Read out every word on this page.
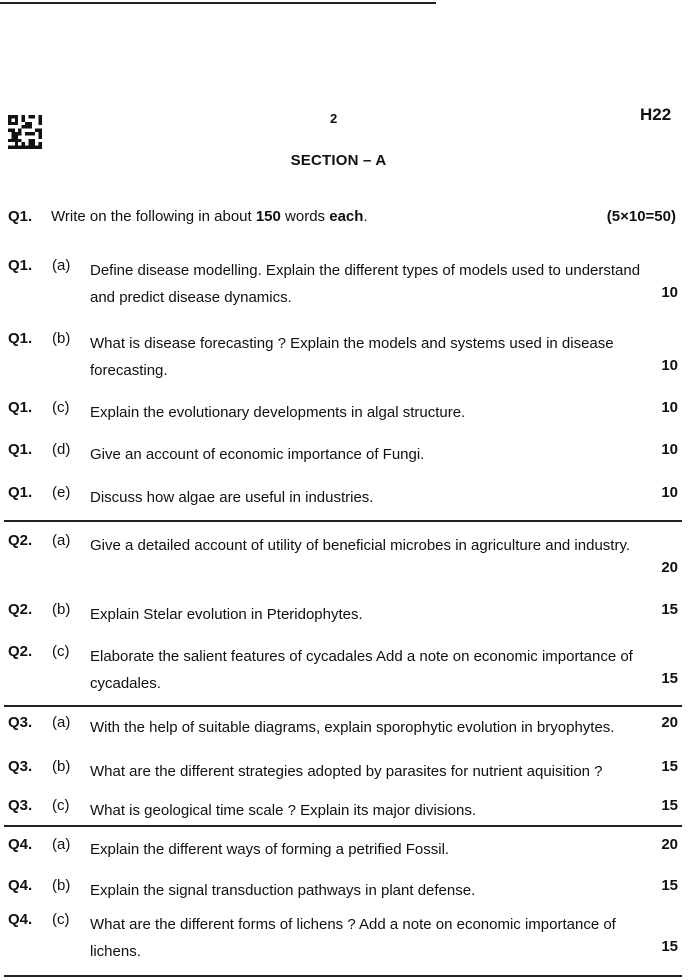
2	H22
SECTION – A
Q1. Write on the following in about 150 words each.	(5×10=50)
Q1. (a) Define disease modelling. Explain the different types of models used to understand and predict disease dynamics.	10
Q1. (b) What is disease forecasting ? Explain the models and systems used in disease forecasting.	10
Q1. (c) Explain the evolutionary developments in algal structure.	10
Q1. (d) Give an account of economic importance of Fungi.	10
Q1. (e) Discuss how algae are useful in industries.	10
Q2. (a) Give a detailed account of utility of beneficial microbes in agriculture and industry.
20
Q2. (b) Explain Stelar evolution in Pteridophytes.	15
Q2. (c) Elaborate the salient features of cycadales Add a note on economic importance of cycadales.	15
Q3. (a) With the help of suitable diagrams, explain sporophytic evolution in bryophytes.	20
Q3. (b) What are the different strategies adopted by parasites for nutrient aquisition ?	15
Q3. (c) What is geological time scale ? Explain its major divisions.	15
Q4. (a) Explain the different ways of forming a petrified Fossil.	20
Q4. (b) Explain the signal transduction pathways in plant defense.	15
Q4. (c) What are the different forms of lichens ? Add a note on economic importance of lichens.	15
